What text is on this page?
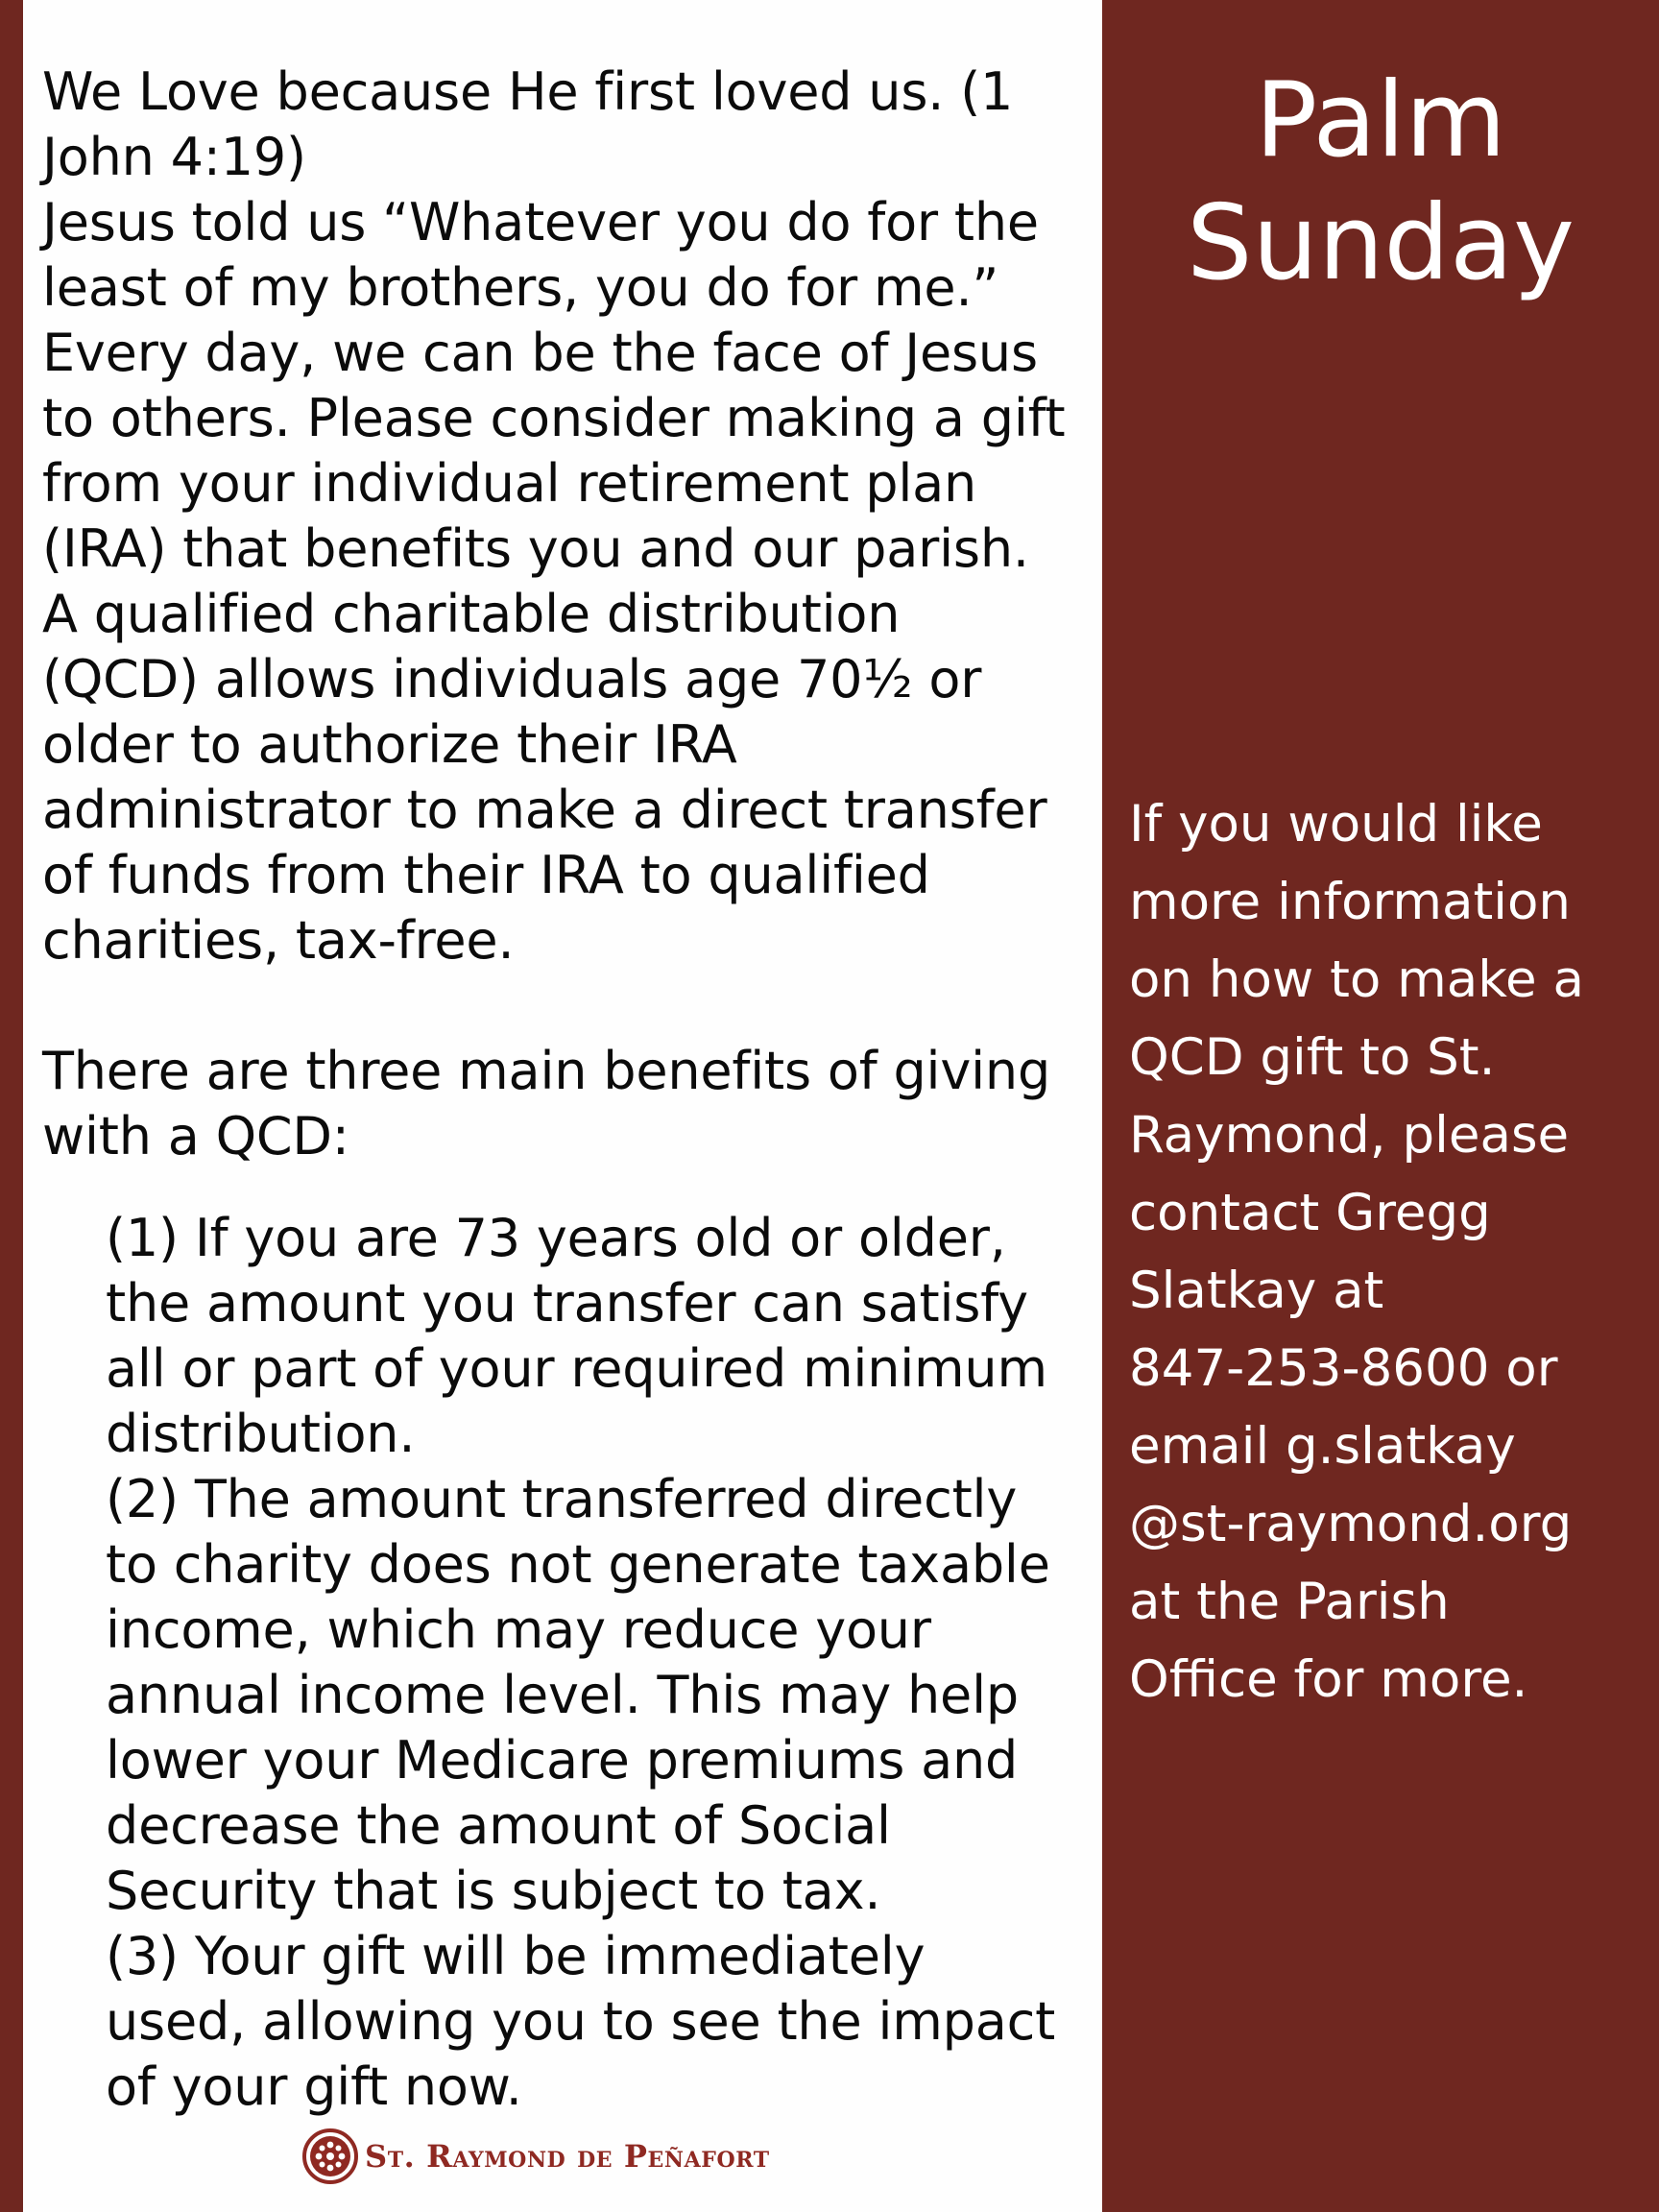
We Love because He first loved us. (1
John 4:19)
Jesus told us “Whatever you do for the
least of my brothers, you do for me.”
Every day, we can be the face of Jesus
to others. Please consider making a gift
from your individual retirement plan
(IRA) that benefits you and our parish.
A qualified charitable distribution
(QCD) allows individuals age 70½ or
older to authorize their IRA
administrator to make a direct transfer
of funds from their IRA to qualified
charities, tax-free.

There are three main benefits of giving
with a QCD:

(1) If you are 73 years old or older,
the amount you transfer can satisfy
all or part of your required minimum
distribution.

(2) The amount transferred directly
to charity does not generate taxable
income, which may reduce your
annual income level. This may help
lower your Medicare premiums and
decrease the amount of Social
Security that is subject to tax.

(3) Your gift will be immediately
used, allowing you to see the impact
of your gift now.

St. Raymond de Peñafort
Palm
Sunday
If you would like
more information
on how to make a
QCD gift to St.
Raymond, please
contact Gregg
Slatkay at
847-253-8600 or
email g.slatkay
@st-raymond.org
at the Parish
Office for more.
